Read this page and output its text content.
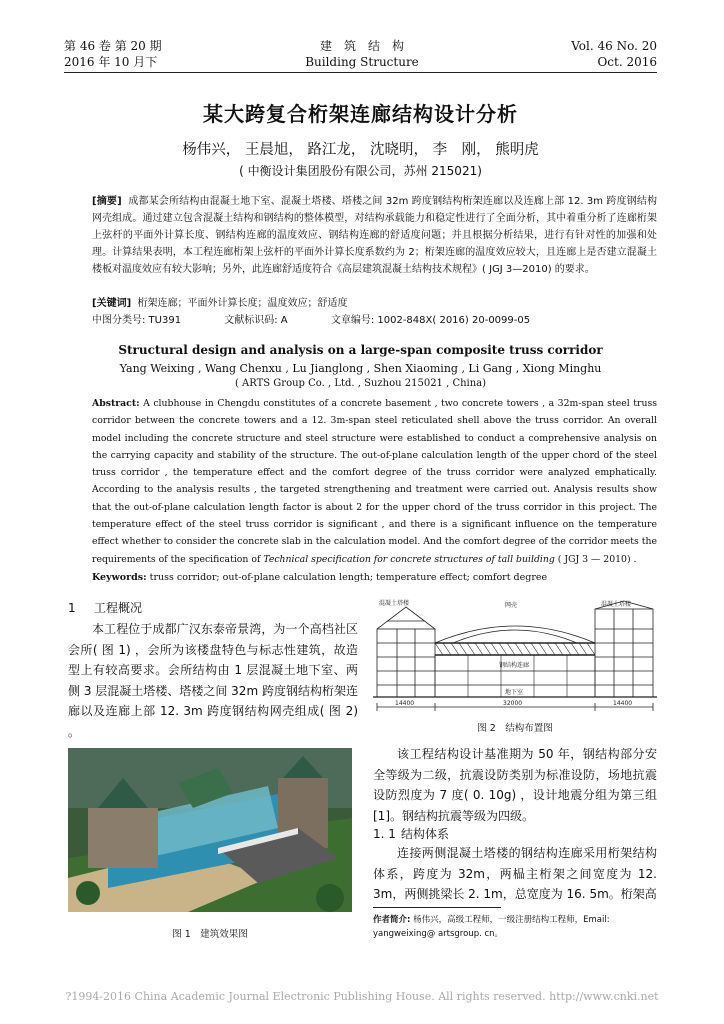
第 46 卷 第 20 期
2016 年 10 月下
建　筑　结　构
Building Structure
Vol. 46 No. 20
Oct. 2016
某大跨复合桁架连廊结构设计分析
杨伟兴， 王晨旭， 路江龙， 沈晓明， 李　刚， 熊明虎
( 中衡设计集团股份有限公司，苏州 215021)
[摘要] 成都某会所结构由混凝土地下室、混凝土塔楼、塔楼之间 32m 跨度钢结构桁架连廊以及连廊上部 12. 3m 跨度钢结构网壳组成。通过建立包含混凝土结构和钢结构的整体模型，对结构承载能力和稳定性进行了全面分析，其中着重分析了连廊桁架上弦杆的平面外计算长度、钢结构连廊的温度效应、钢结构连廊的舒适度问题；并且根据分析结果，进行有针对性的加强和处理。计算结果表明，本工程连廊桁架上弦杆的平面外计算长度系数约为 2；桁架连廊的温度效应较大，且连廊上是否建立混凝土楼板对温度效应有较大影响；另外，此连廊舒适度符合《高层建筑混凝土结构技术规程》( JGJ 3—2010) 的要求。
[关键词] 桁架连廊；平面外计算长度；温度效应；舒适度
中图分类号: TU391	文献标识码: A	文章编号: 1002-848X( 2016) 20-0099-05
Structural design and analysis on a large-span composite truss corridor
Yang Weixing , Wang Chenxu , Lu Jianglong , Shen Xiaoming , Li Gang , Xiong Minghu
( ARTS Group Co. , Ltd. , Suzhou 215021 , China)
Abstract: A clubhouse in Chengdu constitutes of a concrete basement , two concrete towers , a 32m-span steel truss corridor between the concrete towers and a 12. 3m-span steel reticulated shell above the truss corridor. An overall model including the concrete structure and steel structure were established to conduct a comprehensive analysis on the carrying capacity and stability of the structure. The out-of-plane calculation length of the upper chord of the steel truss corridor , the temperature effect and the comfort degree of the truss corridor were analyzed emphatically. According to the analysis results , the targeted strengthening and treatment were carried out. Analysis results show that the out-of-plane calculation length factor is about 2 for the upper chord of the truss corridor in this project. The temperature effect of the steel truss corridor is significant , and there is a significant influence on the temperature effect whether to consider the concrete slab in the calculation model. And the comfort degree of the corridor meets the requirements of the specification of Technical specification for concrete structures of tall building ( JGJ 3 — 2010) .
Keywords: truss corridor; out-of-plane calculation length; temperature effect; comfort degree
1 工程概况
本工程位于成都广汉东泰帝景湾，为一个高档社区会所( 图 1) ，会所为该楼盘特色与标志性建筑，故造型上有较高要求。会所结构由 1 层混凝土地下室、两侧 3 层混凝土塔楼、塔楼之间 32m 跨度钢结构桁架连廊以及连廊上部 12. 3m 跨度钢结构网壳组成( 图 2) 。
图 1　建筑效果图
混凝土塔楼	网壳	混凝土塔楼
钢结构连廊
地下室
14400	32000	14400
图 2　结构布置图
该工程结构设计基准期为 50 年，钢结构部分安全等级为二级，抗震设防类别为标准设防，场地抗震设防烈度为 7 度( 0. 10g) ，设计地震分组为第三组[1]。钢结构抗震等级为四级。
1. 1 结构体系
连接两侧混凝土塔楼的钢结构连廊采用桁架结构体系，跨度为 32m，两榀主桁架之间宽度为 12. 3m，两侧挑梁长 2. 1m，总宽度为 16. 5m。桁架高
作者简介: 杨伟兴，高级工程师，一级注册结构工程师，Email: yangweixing@ artsgroup. cn。
?1994-2016 China Academic Journal Electronic Publishing House. All rights reserved. http://www.cnki.net
